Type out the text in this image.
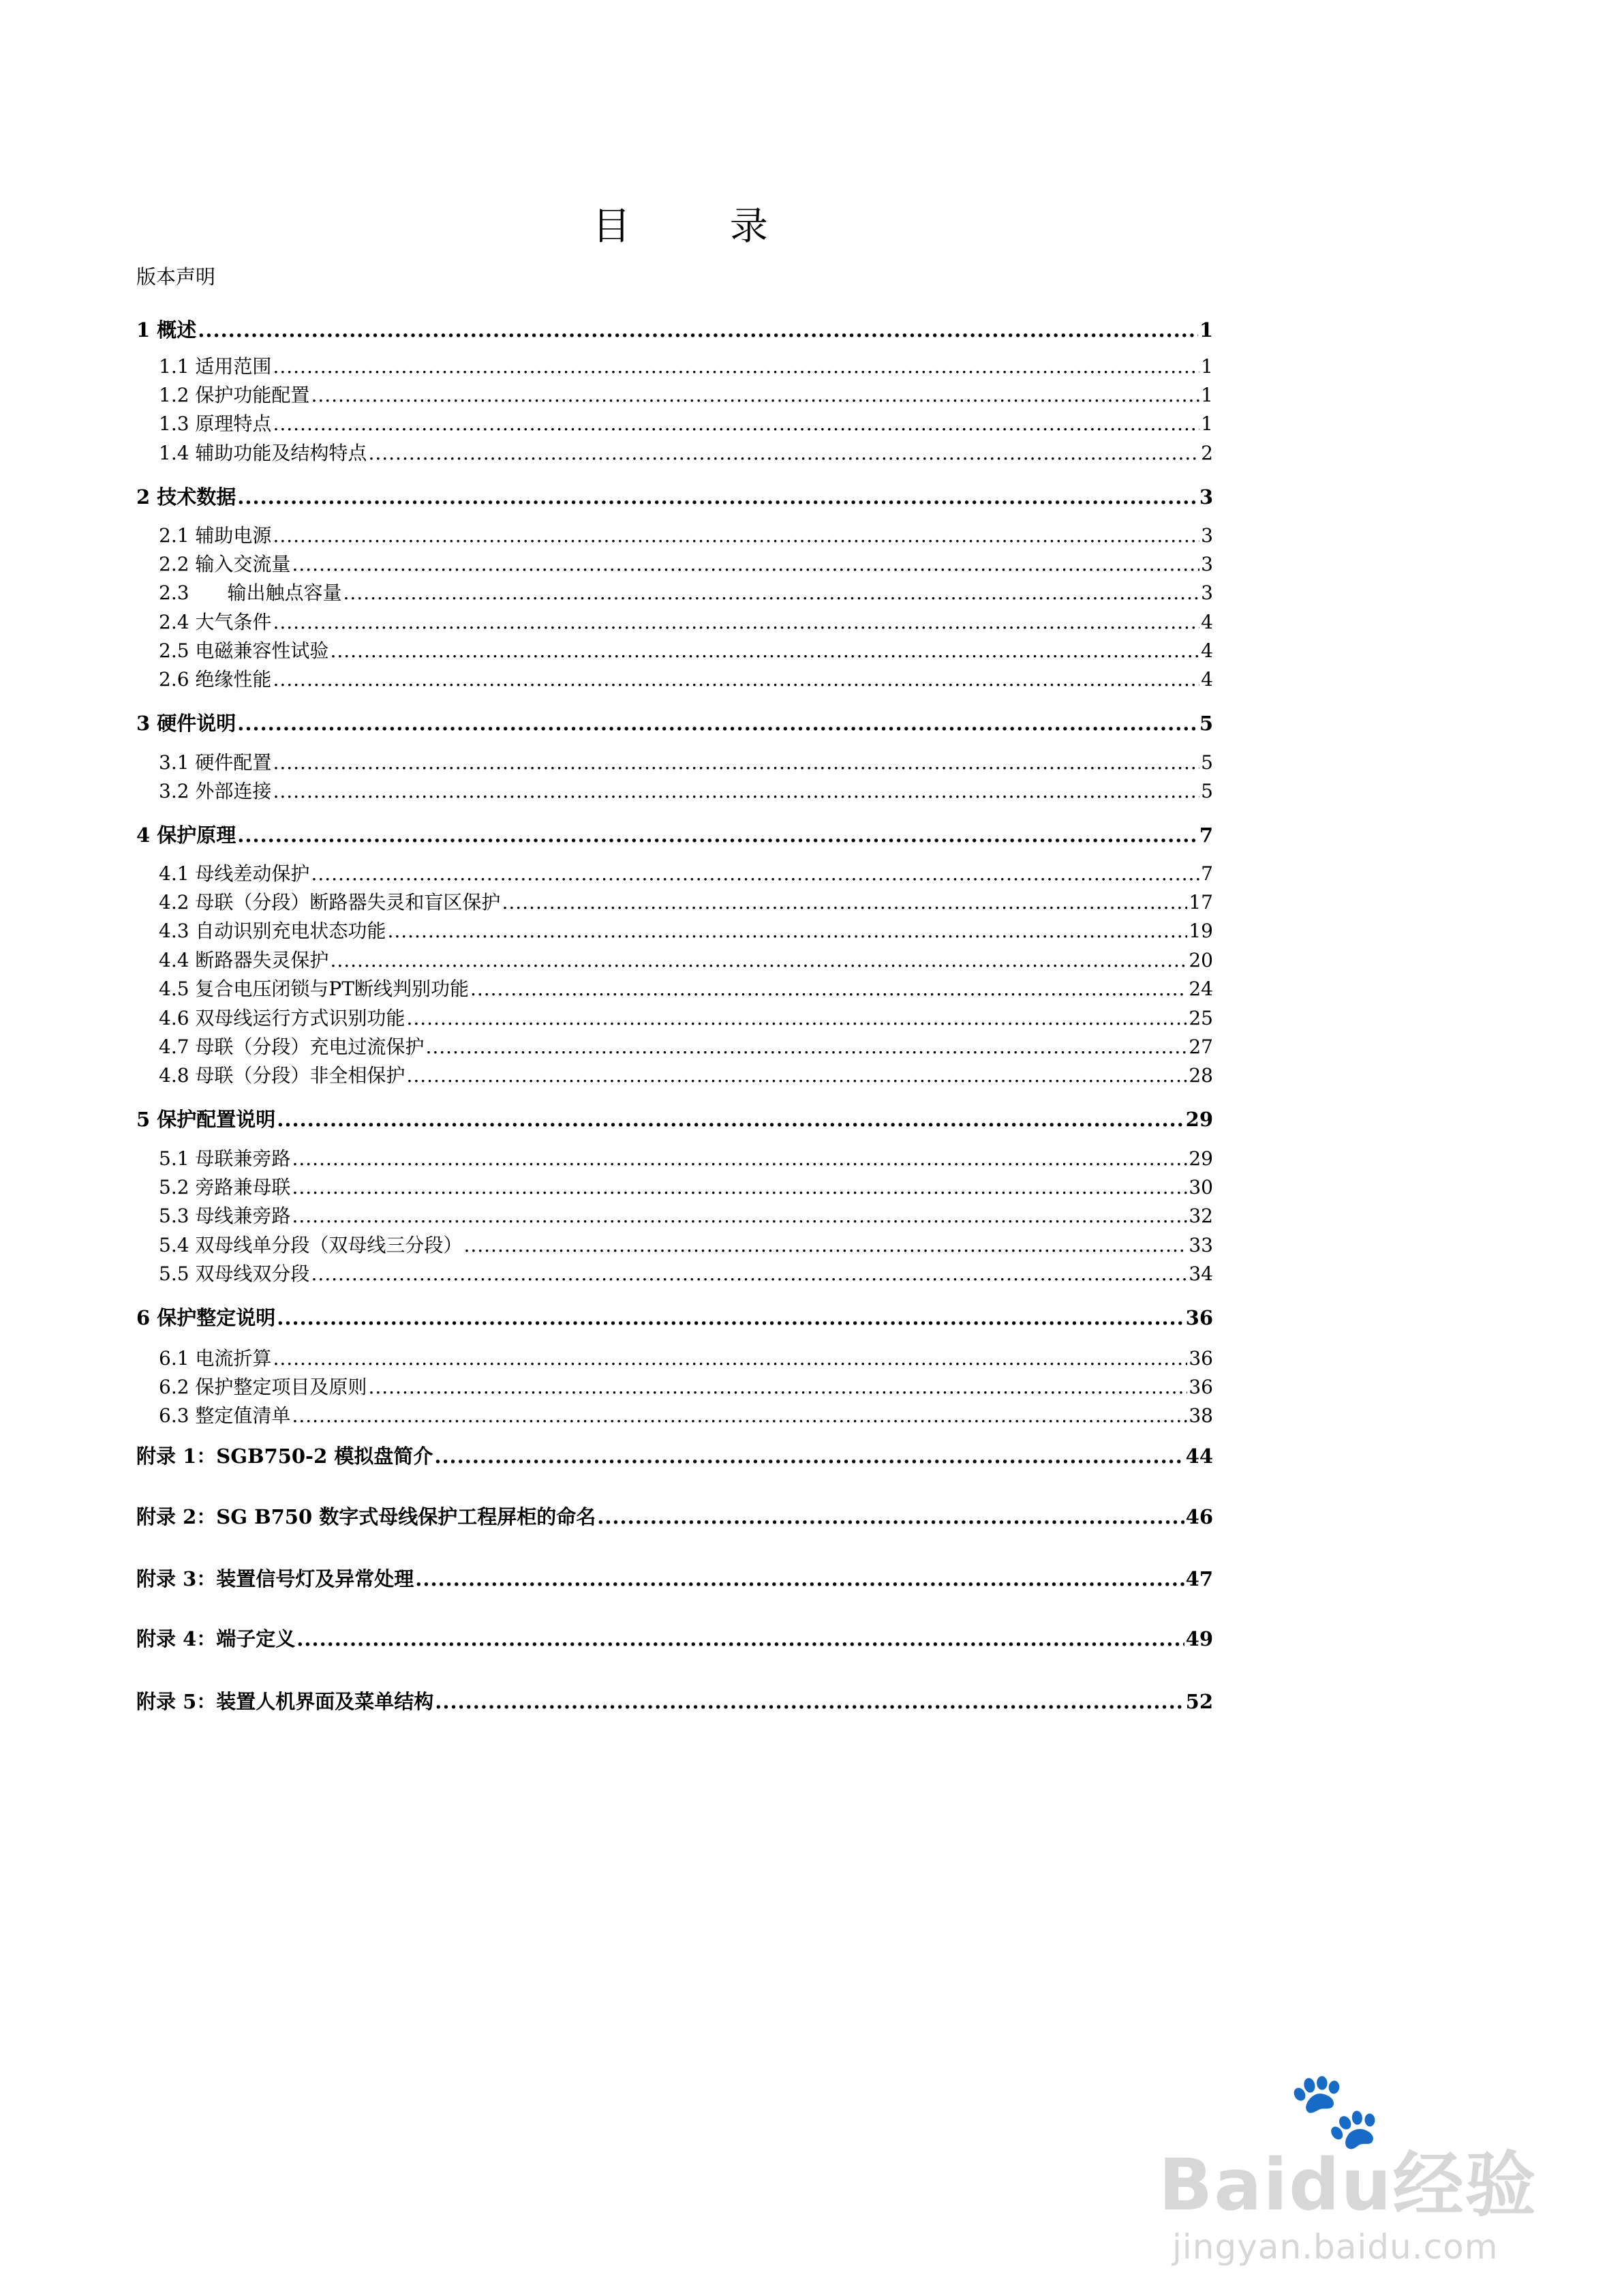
目 录
版本声明
1 概述 .....	1
1.1 适用范围 .....	1
1.2 保护功能配置 .....	1
1.3 原理特点 .....	1
1.4 辅助功能及结构特点 .....	2
2 技术数据 .....	3
2.1 辅助电源 .....	3
2.2 输入交流量 .....	3
2.3　　输出触点容量 .....	3
2.4 大气条件 .....	4
2.5 电磁兼容性试验 .....	4
2.6 绝缘性能 .....	4
3 硬件说明 .....	5
3.1 硬件配置 .....	5
3.2 外部连接 .....	5
4 保护原理 .....	7
4.1 母线差动保护 .....	7
4.2 母联（分段）断路器失灵和盲区保护 .....	17
4.3 自动识别充电状态功能 .....	19
4.4 断路器失灵保护 .....	20
4.5 复合电压闭锁与PT断线判别功能 .....	24
4.6 双母线运行方式识别功能 .....	25
4.7 母联（分段）充电过流保护 .....	27
4.8 母联（分段）非全相保护 .....	28
5 保护配置说明 .....	29
5.1 母联兼旁路 .....	29
5.2 旁路兼母联 .....	30
5.3 母线兼旁路 .....	32
5.4 双母线单分段（双母线三分段） .....	33
5.5 双母线双分段 .....	34
6 保护整定说明 .....	36
6.1 电流折算 .....	36
6.2 保护整定项目及原则 .....	36
6.3 整定值清单 .....	38
附录 1：SGB750-2 模拟盘简介 .....	44
附录 2：SG B750 数字式母线保护工程屏柜的命名 .....	46
附录 3：装置信号灯及异常处理 .....	47
附录 4：端子定义 .....	49
附录 5：装置人机界面及菜单结构 .....	52
🐾
Baidu经验
jingyan.baidu.com
